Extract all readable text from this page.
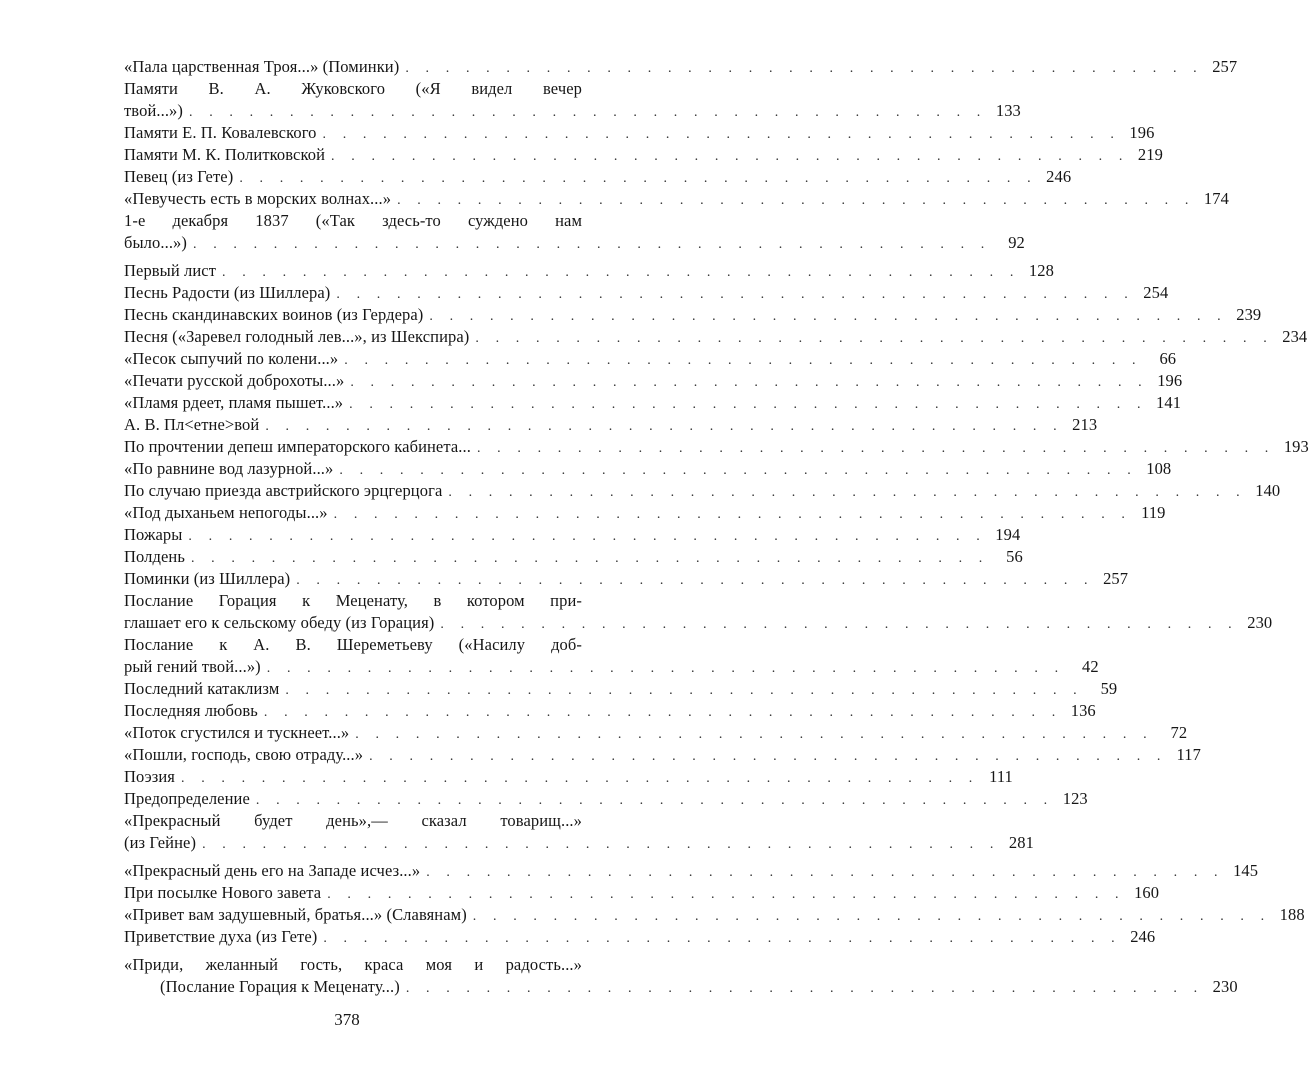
«Пала царственная Троя...» (Поминки) . . . . . . . . . . . . . . . . . . . . . . . . . . . . . . . . . . . . . . . . 257
Памяти В. А. Жуковского («Я видел вечер
твой...») . . . . . . . . . . . . . . . . . . . . . . . . . . . . . . . . . . . . . . . . 133
Памяти Е. П. Ковалевского . . . . . . . . . . . . . . . . . . . . . . . . . . . . . . . . . . . . . . . . 196
Памяти М. К. Политковской . . . . . . . . . . . . . . . . . . . . . . . . . . . . . . . . . . . . . . . . 219
Певец (из Гете) . . . . . . . . . . . . . . . . . . . . . . . . . . . . . . . . . . . . . . . . 246
«Певучесть есть в морских волнах...» . . . . . . . . . . . . . . . . . . . . . . . . . . . . . . . . . . . . . . . . 174
1-е декабря 1837 («Так здесь-то суждено нам
было...») . . . . . . . . . . . . . . . . . . . . . . . . . . . . . . . . . . . . . . . .	92
Первый лист . . . . . . . . . . . . . . . . . . . . . . . . . . . . . . . . . . . . . . . . 128
Песнь Радости (из Шиллера) . . . . . . . . . . . . . . . . . . . . . . . . . . . . . . . . . . . . . . . . 254
Песнь скандинавских воинов (из Гердера) . . . . . . . . . . . . . . . . . . . . . . . . . . . . . . . . . . . . . . . . 239
Песня («Заревел голодный лев...», из Шекспира) . . . . . . . . . . . . . . . . . . . . . . . . . . . . . . . . . . . . . . . . 234
«Песок сыпучий по колени...» . . . . . . . . . . . . . . . . . . . . . . . . . . . . . . . . . . . . . . . .	66
«Печати русской доброхоты...» . . . . . . . . . . . . . . . . . . . . . . . . . . . . . . . . . . . . . . . . 196
«Пламя рдеет, пламя пышет...» . . . . . . . . . . . . . . . . . . . . . . . . . . . . . . . . . . . . . . . . 141
А. В. Пл<етне>вой . . . . . . . . . . . . . . . . . . . . . . . . . . . . . . . . . . . . . . . . 213
По прочтении депеш императорского кабинета... . . . . . . . . . . . . . . . . . . . . . . . . . . . . . . . . . . . . . . . . 193
«По равнине вод лазурной...» . . . . . . . . . . . . . . . . . . . . . . . . . . . . . . . . . . . . . . . . 108
По случаю приезда австрийского эрцгерцога . . . . . . . . . . . . . . . . . . . . . . . . . . . . . . . . . . . . . . . . 140
«Под дыханьем непогоды...» . . . . . . . . . . . . . . . . . . . . . . . . . . . . . . . . . . . . . . . . 119
Пожары . . . . . . . . . . . . . . . . . . . . . . . . . . . . . . . . . . . . . . . . 194
Полдень . . . . . . . . . . . . . . . . . . . . . . . . . . . . . . . . . . . . . . . .	56
Поминки (из Шиллера) . . . . . . . . . . . . . . . . . . . . . . . . . . . . . . . . . . . . . . . . 257
Послание Горация к Меценату, в котором при-
глашает его к сельскому обеду (из Горация) . . . . . . . . . . . . . . . . . . . . . . . . . . . . . . . . . . . . . . . . 230
Послание к А. В. Шереметьеву («Насилу доб-
рый гений твой...») . . . . . . . . . . . . . . . . . . . . . . . . . . . . . . . . . . . . . . . .	42
Последний катаклизм . . . . . . . . . . . . . . . . . . . . . . . . . . . . . . . . . . . . . . . .	59
Последняя любовь . . . . . . . . . . . . . . . . . . . . . . . . . . . . . . . . . . . . . . . . 136
«Поток сгустился и тускнеет...» . . . . . . . . . . . . . . . . . . . . . . . . . . . . . . . . . . . . . . . .	72
«Пошли, господь, свою отраду...» . . . . . . . . . . . . . . . . . . . . . . . . . . . . . . . . . . . . . . . . 117
Поэзия . . . . . . . . . . . . . . . . . . . . . . . . . . . . . . . . . . . . . . . . 111
Предопределение . . . . . . . . . . . . . . . . . . . . . . . . . . . . . . . . . . . . . . . . 123
«Прекрасный будет день»,— сказал товарищ...»
(из Гейне) . . . . . . . . . . . . . . . . . . . . . . . . . . . . . . . . . . . . . . . . 281
«Прекрасный день его на Западе исчез...» . . . . . . . . . . . . . . . . . . . . . . . . . . . . . . . . . . . . . . . . 145
При посылке Нового завета . . . . . . . . . . . . . . . . . . . . . . . . . . . . . . . . . . . . . . . . 160
«Привет вам задушевный, братья...» (Славянам) . . . . . . . . . . . . . . . . . . . . . . . . . . . . . . . . . . . . . . . . 188
Приветствие духа (из Гете) . . . . . . . . . . . . . . . . . . . . . . . . . . . . . . . . . . . . . . . . 246
«Приди, желанный гость, краса моя и радость...»
(Послание Горация к Меценату...) . . . . . . . . . . . . . . . . . . . . . . . . . . . . . . . . . . . . . . . . 230
378
